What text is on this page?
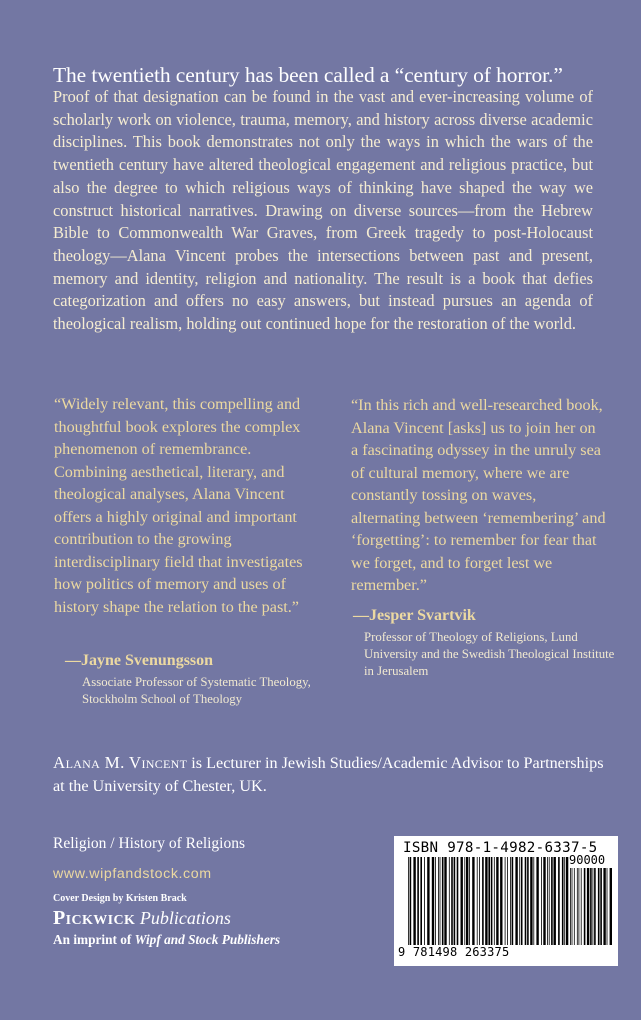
The twentieth century has been called a “century of horror.”
Proof of that designation can be found in the vast and ever-increasing volume of scholarly work on violence, trauma, memory, and history across diverse academic disciplines. This book demonstrates not only the ways in which the wars of the twentieth century have altered theological engagement and religious practice, but also the degree to which religious ways of thinking have shaped the way we construct historical narratives. Drawing on diverse sources—from the Hebrew Bible to Commonwealth War Graves, from Greek tragedy to post-Holocaust theology—Alana Vincent probes the intersections between past and present, memory and identity, religion and nationality. The result is a book that defies categorization and offers no easy answers, but instead pursues an agenda of theological realism, holding out continued hope for the restoration of the world.
“Widely relevant, this compelling and thoughtful book explores the complex phenomenon of remembrance. Combining aesthetical, literary, and theological analyses, Alana Vincent offers a highly original and important contribution to the growing interdisciplinary field that investigates how politics of memory and uses of history shape the relation to the past.”
—Jayne Svenungsson
Associate Professor of Systematic Theology, Stockholm School of Theology
“In this rich and well-researched book, Alana Vincent [asks] us to join her on a fascinating odyssey in the unruly sea of cultural memory, where we are constantly tossing on waves, alternating between ‘remembering’ and ‘forgetting’: to remember for fear that we forget, and to forget lest we remember.”
—Jesper Svartvik
Professor of Theology of Religions, Lund University and the Swedish Theological Institute in Jerusalem
Alana M. Vincent is Lecturer in Jewish Studies/Academic Advisor to Partnerships at the University of Chester, UK.
Religion / History of Religions
www.wipfandstock.com
Cover Design by Kristen Brack
Pickwick Publications
An imprint of Wipf and Stock Publishers
ISBN 978-1-4982-6337-5
90000
9 781498 263375
